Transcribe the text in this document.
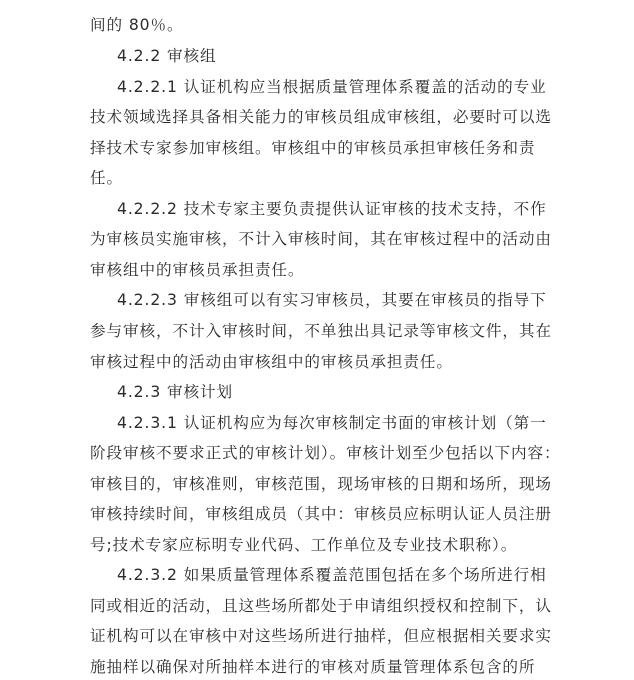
间的 80％。
4.2.2 审核组
4.2.2.1 认证机构应当根据质量管理体系覆盖的活动的专业
技术领域选择具备相关能力的审核员组成审核组，必要时可以选
择技术专家参加审核组。审核组中的审核员承担审核任务和责
任。
4.2.2.2 技术专家主要负责提供认证审核的技术支持，不作
为审核员实施审核，不计入审核时间，其在审核过程中的活动由
审核组中的审核员承担责任。
4.2.2.3 审核组可以有实习审核员，其要在审核员的指导下
参与审核，不计入审核时间，不单独出具记录等审核文件，其在
审核过程中的活动由审核组中的审核员承担责任。
4.2.3 审核计划
4.2.3.1 认证机构应为每次审核制定书面的审核计划（第一
阶段审核不要求正式的审核计划）。审核计划至少包括以下内容：
审核目的，审核准则，审核范围，现场审核的日期和场所，现场
审核持续时间，审核组成员（其中：审核员应标明认证人员注册
号;技术专家应标明专业代码、工作单位及专业技术职称）。
4.2.3.2 如果质量管理体系覆盖范围包括在多个场所进行相
同或相近的活动，且这些场所都处于申请组织授权和控制下，认
证机构可以在审核中对这些场所进行抽样，但应根据相关要求实
施抽样以确保对所抽样本进行的审核对质量管理体系包含的所
